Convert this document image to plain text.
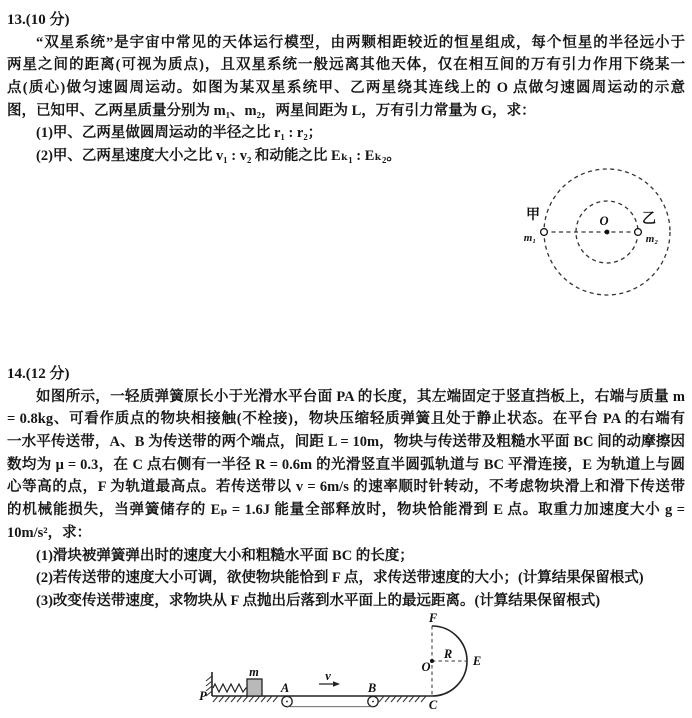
13.(10 分)
“双星系统”是宇宙中常见的天体运行模型，由两颗相距较近的恒星组成，每个恒星的半径远小于
两星之间的距离(可视为质点)，且双星系统一般远离其他天体，仅在相互间的万有引力作用下绕某一
点(质心)做匀速圆周运动。如图为某双星系统甲、乙两星绕其连线上的 O 点做匀速圆周运动的示意
图，已知甲、乙两星质量分别为 m₁、m₂，两星间距为 L，万有引力常量为 G，求：
(1)甲、乙两星做圆周运动的半径之比 r₁ : r₂；
(2)甲、乙两星速度大小之比 v₁ : v₂ 和动能之比 Eₖ₁ : Eₖ₂。
甲
m₁
乙
m₂
O
14.(12 分)
如图所示，一轻质弹簧原长小于光滑水平台面 PA 的长度，其左端固定于竖直挡板上，右端与质量 m
= 0.8kg、可看作质点的物块相接触(不栓接)，物块压缩轻质弹簧且处于静止状态。在平台 PA 的右端有
一水平传送带，A、B 为传送带的两个端点，间距 L = 10m，物块与传送带及粗糙水平面 BC 间的动摩擦因
数均为 μ = 0.3，在 C 点右侧有一半径 R = 0.6m 的光滑竖直半圆弧轨道与 BC 平滑连接，E 为轨道上与圆
心等高的点，F 为轨道最高点。若传送带以 v = 6m/s 的速率顺时针转动，不考虑物块滑上和滑下传送带
的机械能损失，当弹簧储存的 Eₚ = 1.6J 能量全部释放时，物块恰能滑到 E 点。取重力加速度大小 g =
10m/s²，求：
(1)滑块被弹簧弹出时的速度大小和粗糙水平面 BC 的长度；
(2)若传送带的速度大小可调，欲使物块能恰到 F 点，求传送带速度的大小；(计算结果保留根式)
(3)改变传送带速度，求物块从 F 点抛出后落到水平面上的最远距离。(计算结果保留根式)
m
P
A	B
v
F
O
R E
C
